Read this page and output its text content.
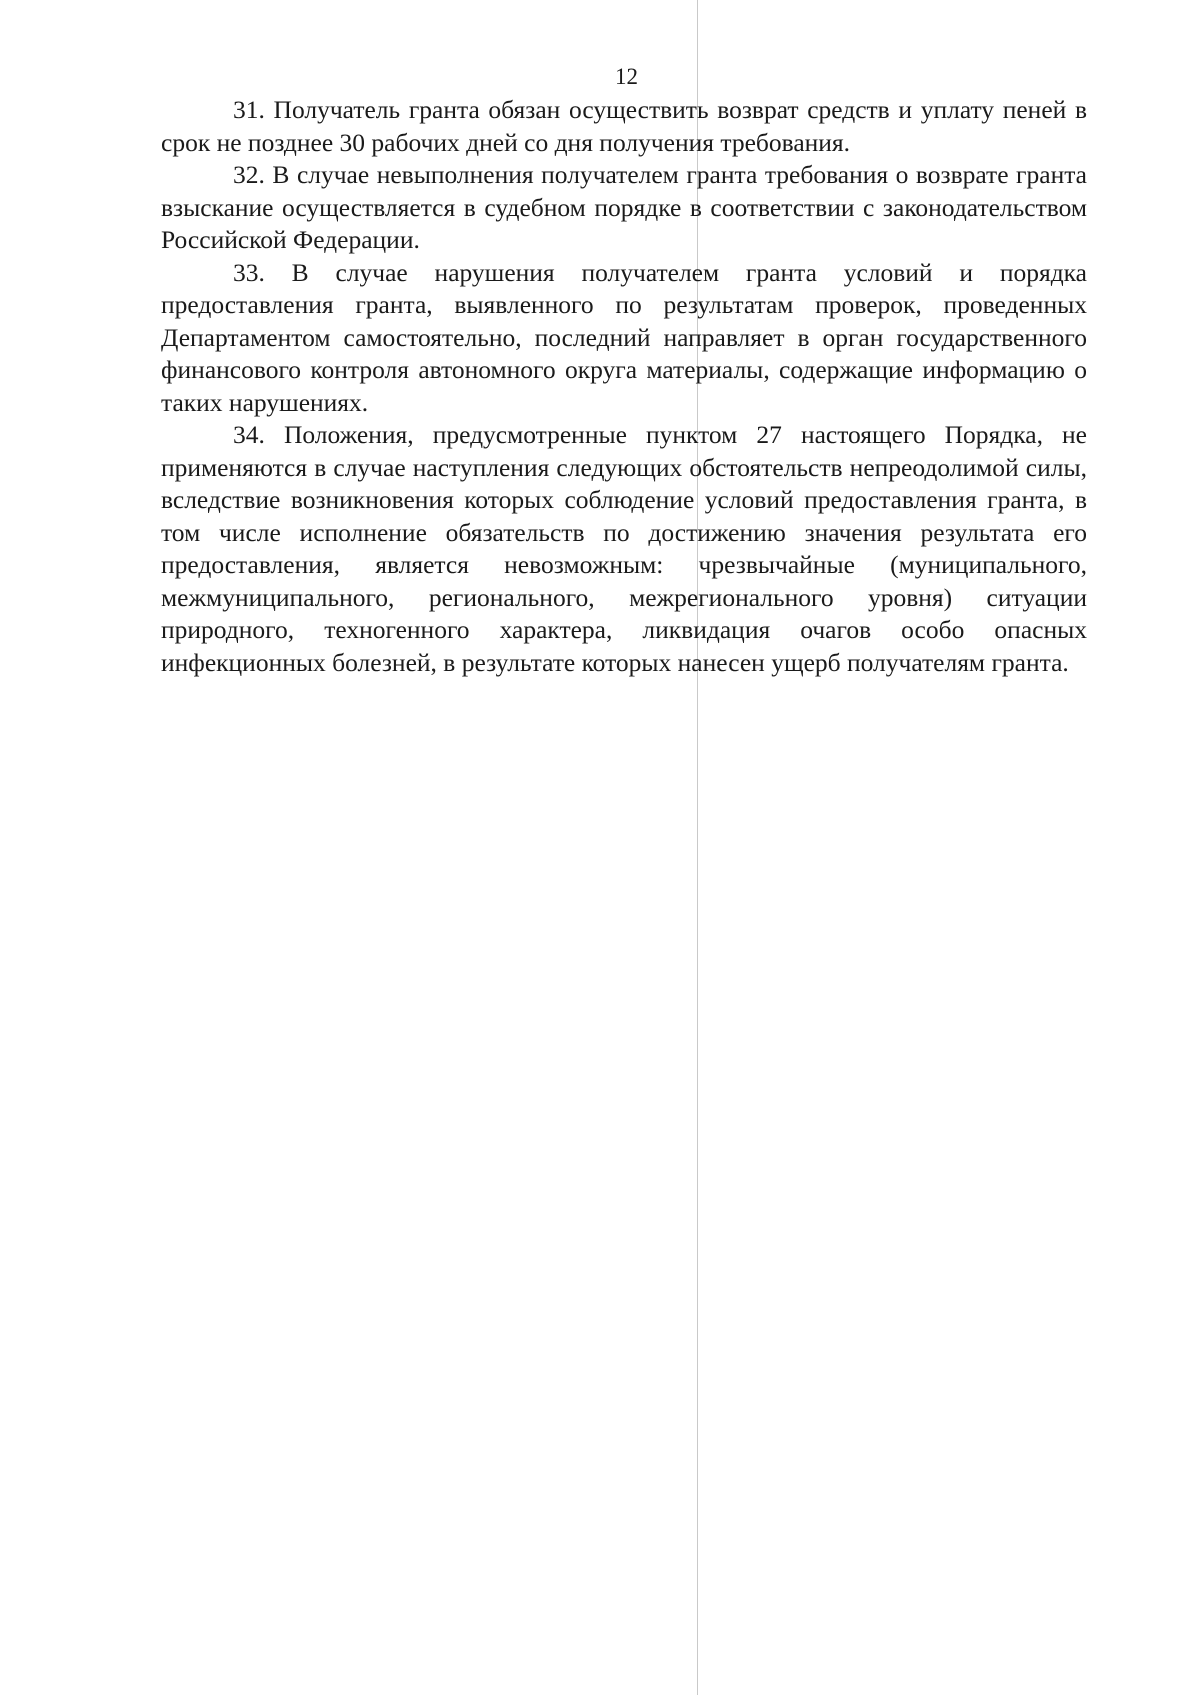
12

31. Получатель гранта обязан осуществить возврат средств и уплату пеней в срок не позднее 30 рабочих дней со дня получения требования.

32. В случае невыполнения получателем гранта требования о возврате гранта взыскание осуществляется в судебном порядке в соответствии с законодательством Российской Федерации.

33. В случае нарушения получателем гранта условий и порядка предоставления гранта, выявленного по результатам проверок, проведенных Департаментом самостоятельно, последний направляет в орган государственного финансового контроля автономного округа материалы, содержащие информацию о таких нарушениях.

34. Положения, предусмотренные пунктом 27 настоящего Порядка, не применяются в случае наступления следующих обстоятельств непреодолимой силы, вследствие возникновения которых соблюдение условий предоставления гранта, в том числе исполнение обязательств по достижению значения результата его предоставления, является невозможным: чрезвычайные (муниципального, межмуниципального, регионального, межрегионального уровня) ситуации природного, техногенного характера, ликвидация очагов особо опасных инфекционных болезней, в результате которых нанесен ущерб получателям гранта.
